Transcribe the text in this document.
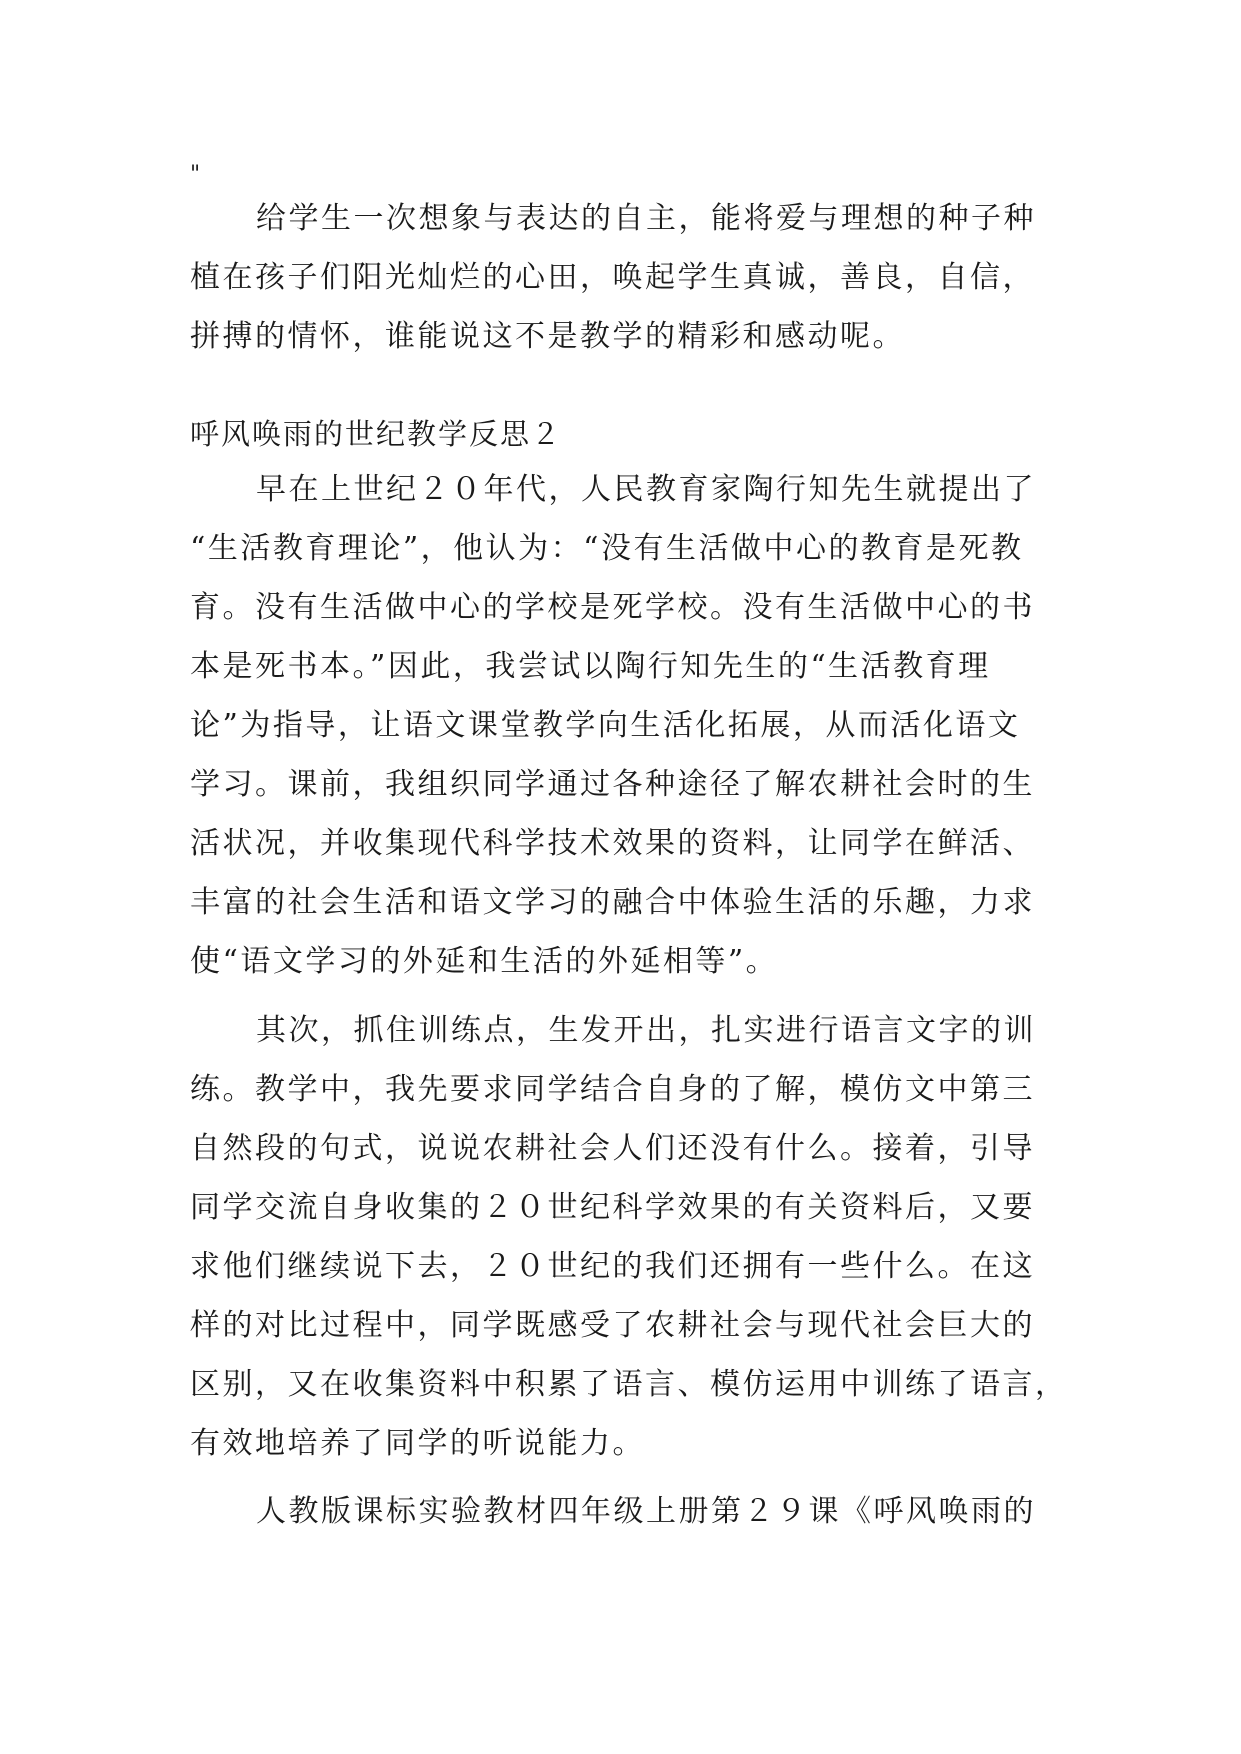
"
给学生一次想象与表达的自主，能将爱与理想的种子种
植在孩子们阳光灿烂的心田，唤起学生真诚，善良，自信，
拼搏的情怀，谁能说这不是教学的精彩和感动呢。
呼风唤雨的世纪教学反思２
早在上世纪２０年代，人民教育家陶行知先生就提出了
“生活教育理论”，他认为：“没有生活做中心的教育是死教
育。没有生活做中心的学校是死学校。没有生活做中心的书
本是死书本。”因此，我尝试以陶行知先生的“生活教育理
论”为指导，让语文课堂教学向生活化拓展，从而活化语文
学习。课前，我组织同学通过各种途径了解农耕社会时的生
活状况，并收集现代科学技术效果的资料，让同学在鲜活、
丰富的社会生活和语文学习的融合中体验生活的乐趣，力求
使“语文学习的外延和生活的外延相等”。
其次，抓住训练点，生发开出，扎实进行语言文字的训
练。教学中，我先要求同学结合自身的了解，模仿文中第三
自然段的句式，说说农耕社会人们还没有什么。接着，引导
同学交流自身收集的２０世纪科学效果的有关资料后，又要
求他们继续说下去，２０世纪的我们还拥有一些什么。在这
样的对比过程中，同学既感受了农耕社会与现代社会巨大的
区别，又在收集资料中积累了语言、模仿运用中训练了语言，
有效地培养了同学的听说能力。
人教版课标实验教材四年级上册第２９课《呼风唤雨的
